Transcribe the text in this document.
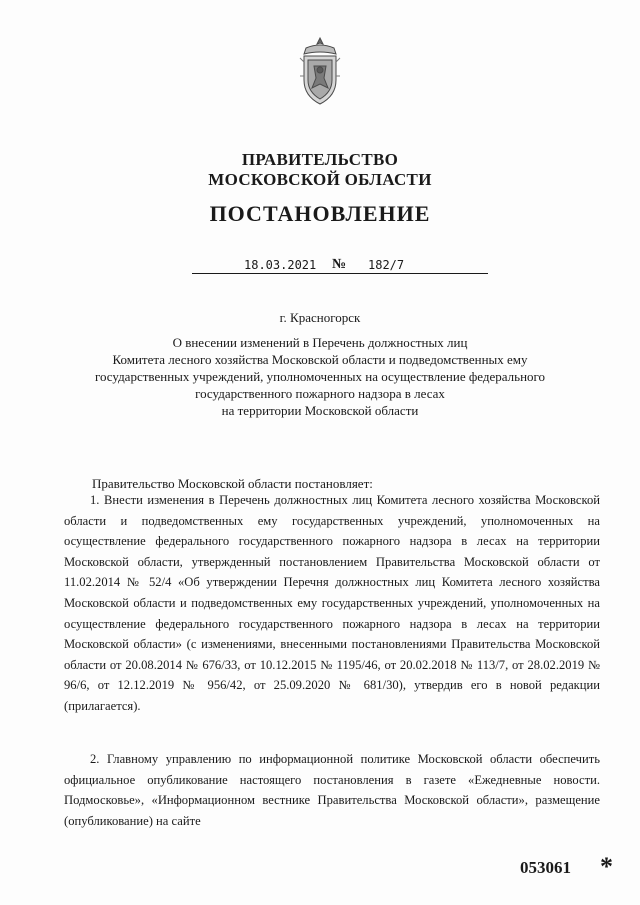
ПРАВИТЕЛЬСТВО
МОСКОВСКОЙ ОБЛАСТИ
ПОСТАНОВЛЕНИЕ
18.03.2021 № 182/7
г. Красногорск
О внесении изменений в Перечень должностных лиц
Комитета лесного хозяйства Московской области и подведомственных ему
государственных учреждений, уполномоченных на осуществление федерального
государственного пожарного надзора в лесах
на территории Московской области
Правительство Московской области постановляет:
1. Внести изменения в Перечень должностных лиц Комитета лесного хозяйства Московской области и подведомственных ему государственных учреждений, уполномоченных на осуществление федерального государственного пожарного надзора в лесах на территории Московской области, утвержденный постановлением Правительства Московской области от 11.02.2014 № 52/4 «Об утверждении Перечня должностных лиц Комитета лесного хозяйства Московской области и подведомственных ему государственных учреждений, уполномоченных на осуществление федерального государственного пожарного надзора в лесах на территории Московской области» (с изменениями, внесенными постановлениями Правительства Московской области от 20.08.2014 № 676/33, от 10.12.2015 № 1195/46, от 20.02.2018 № 113/7, от 28.02.2019 № 96/6, от 12.12.2019 № 956/42, от 25.09.2020 № 681/30), утвердив его в новой редакции (прилагается).
2. Главному управлению по информационной политике Московской области обеспечить официальное опубликование настоящего постановления в газете «Ежедневные новости. Подмосковье», «Информационном вестнике Правительства Московской области», размещение (опубликование) на сайте
053061 *
